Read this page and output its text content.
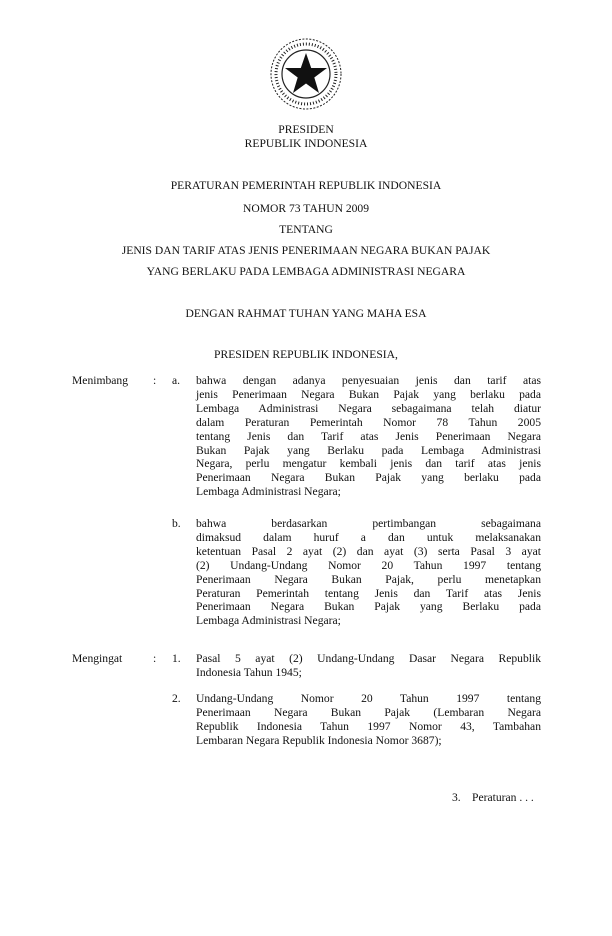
PRESIDEN
REPUBLIK INDONESIA
PERATURAN PEMERINTAH REPUBLIK INDONESIA
NOMOR 73 TAHUN 2009
TENTANG
JENIS DAN TARIF ATAS JENIS PENERIMAAN NEGARA BUKAN PAJAK
YANG BERLAKU PADA LEMBAGA ADMINISTRASI NEGARA
DENGAN RAHMAT TUHAN YANG MAHA ESA
PRESIDEN REPUBLIK INDONESIA,
Menimbang : a. bahwa dengan adanya penyesuaian jenis dan tarif atas
jenis Penerimaan Negara Bukan Pajak yang berlaku pada
Lembaga Administrasi Negara sebagaimana telah diatur
dalam Peraturan Pemerintah Nomor 78 Tahun 2005
tentang Jenis dan Tarif atas Jenis Penerimaan Negara
Bukan Pajak yang Berlaku pada Lembaga Administrasi
Negara, perlu mengatur kembali jenis dan tarif atas jenis
Penerimaan Negara Bukan Pajak yang berlaku pada
Lembaga Administrasi Negara;
b. bahwa berdasarkan pertimbangan sebagaimana
dimaksud dalam huruf a dan untuk melaksanakan
ketentuan Pasal 2 ayat (2) dan ayat (3) serta Pasal 3 ayat
(2) Undang-Undang Nomor 20 Tahun 1997 tentang
Penerimaan Negara Bukan Pajak, perlu menetapkan
Peraturan Pemerintah tentang Jenis dan Tarif atas Jenis
Penerimaan Negara Bukan Pajak yang Berlaku pada
Lembaga Administrasi Negara;
Mengingat	: 1. Pasal 5 ayat (2) Undang-Undang Dasar Negara Republik
Indonesia Tahun 1945;
2. Undang-Undang Nomor 20 Tahun 1997 tentang
Penerimaan Negara Bukan Pajak (Lembaran Negara
Republik Indonesia Tahun 1997 Nomor 43, Tambahan
Lembaran Negara Republik Indonesia Nomor 3687);
3. Peraturan . . .
